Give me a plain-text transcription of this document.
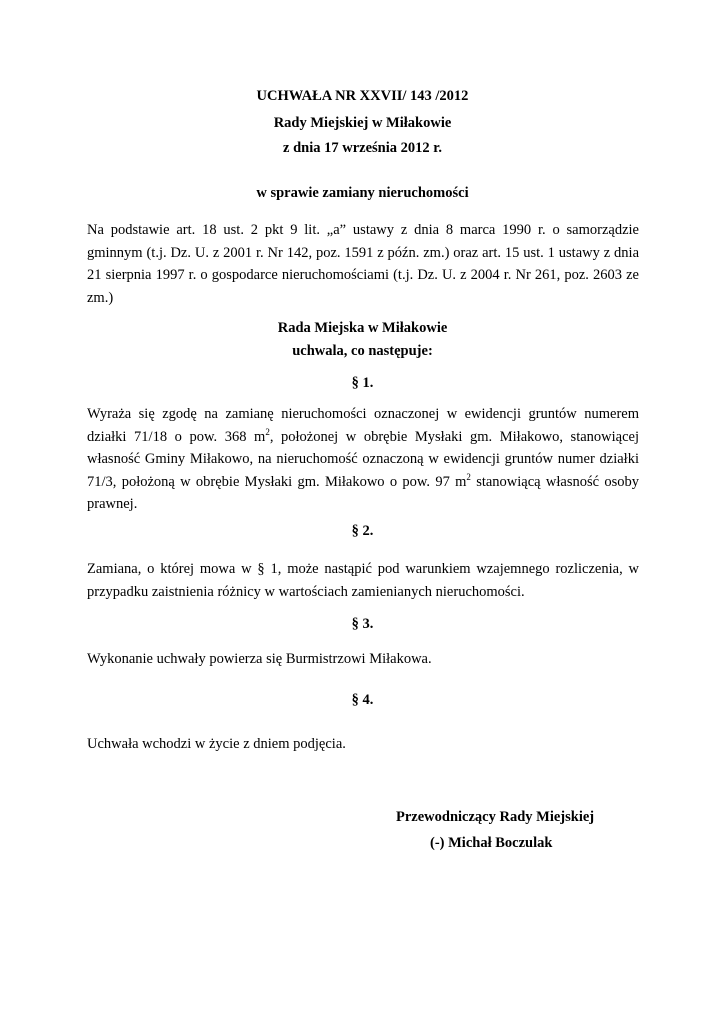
UCHWAŁA NR XXVII/ 143 /2012
Rady Miejskiej w Miłakowie
z dnia 17 września 2012 r.
w sprawie zamiany nieruchomości
Na podstawie art. 18 ust. 2 pkt 9 lit. „a” ustawy z dnia 8 marca 1990 r. o samorządzie gminnym (t.j. Dz. U. z 2001 r. Nr 142, poz. 1591 z późn. zm.) oraz art. 15 ust. 1 ustawy z dnia 21 sierpnia 1997 r. o gospodarce nieruchomościami (t.j. Dz. U. z 2004 r. Nr 261, poz. 2603 ze zm.)
Rada Miejska w Miłakowie
uchwala, co następuje:
§ 1.
Wyraża się zgodę na zamianę nieruchomości oznaczonej w ewidencji gruntów numerem działki 71/18 o pow. 368 $m^2$, położonej w obrębie Mysłaki gm. Miłakowo, stanowiącej własność Gminy Miłakowo, na nieruchomość oznaczoną w ewidencji gruntów numer działki 71/3, położoną w obrębie Mysłaki gm. Miłakowo o pow. 97 $m^2$ stanowiącą własność osoby prawnej.
§ 2.
Zamiana, o której mowa w § 1, może nastąpić pod warunkiem wzajemnego rozliczenia, w przypadku zaistnienia różnicy w wartościach zamienianych nieruchomości.
§ 3.
Wykonanie uchwały powierza się Burmistrzowi Miłakowa.
§ 4.
Uchwała wchodzi w życie z dniem podjęcia.
Przewodniczący Rady Miejskiej
(-) Michał Boczulak
